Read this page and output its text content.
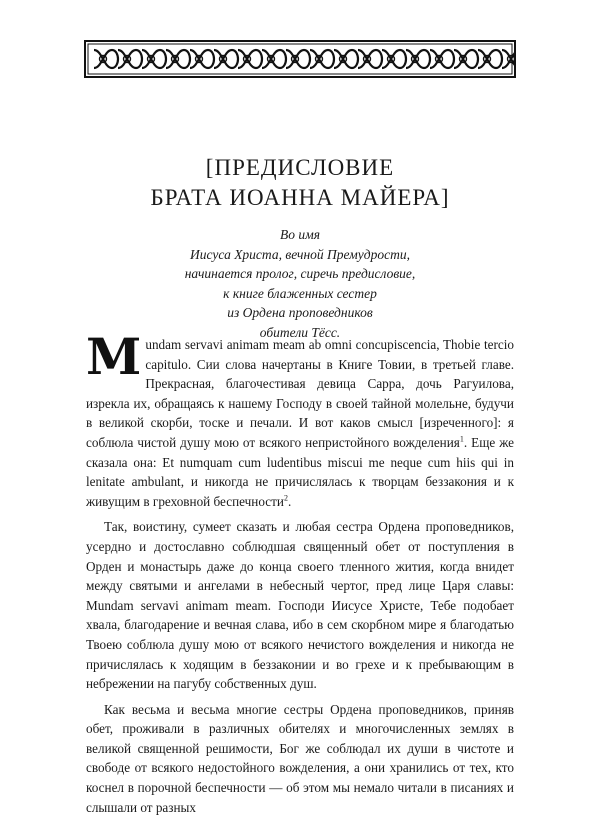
[ПРЕДИСЛОВИЕ
БРАТА ИОАННА МАЙЕРА]
Во имя
Иисуса Христа, вечной Премудрости,
начинается пролог, сиречь предисловие,
к книге блаженных сестер
из Ордена проповедников
обители Тёсс.

Mundam servavi animam meam ab omni concupiscencia, Thobie tercio capitulo. Сии слова начертаны в Книге Товии, в третьей главе. Прекрасная, благочестивая девица Сарра, дочь Рагуилова, изрекла их, обращаясь к нашему Господу в своей тайной молельне, будучи в великой скорби, тоске и печали. И вот каков смысл [изреченного]: я соблюла чистой душу мою от всякого непристойного вожделения$^1$. Еще же сказала она: Et numquam cum ludentibus miscui me neque cum hiis qui in lenitate ambulant, и никогда не причислялась к творцам беззакония и к живущим в греховной беспечности$^2$.

Так, воистину, сумеет сказать и любая сестра Ордена проповедников, усердно и достославно соблюдшая священный обет от поступления в Орден и монастырь даже до конца своего тленного жития, когда внидет между святыми и ангелами в небесный чертог, пред лице Царя славы: Mundam servavi animam meam. Господи Иисусе Христе, Тебе подобает хвала, благодарение и вечная слава, ибо в сем скорбном мире я благодатью Твоею соблюла душу мою от всякого нечистого вожделения и никогда не причислялась к ходящим в беззаконии и во грехе и к пребывающим в небрежении на пагубу собственных душ.

Как весьма и весьма многие сестры Ордена проповедников, приняв обет, проживали в различных обителях и многочисленных землях в великой священной решимости, Бог же соблюдал их души в чистоте и свободе от всякого недостойного вожделения, а они хранились от тех, кто коснел в порочной беспечности — об этом мы немало читали в писаниях и слышали от разных
